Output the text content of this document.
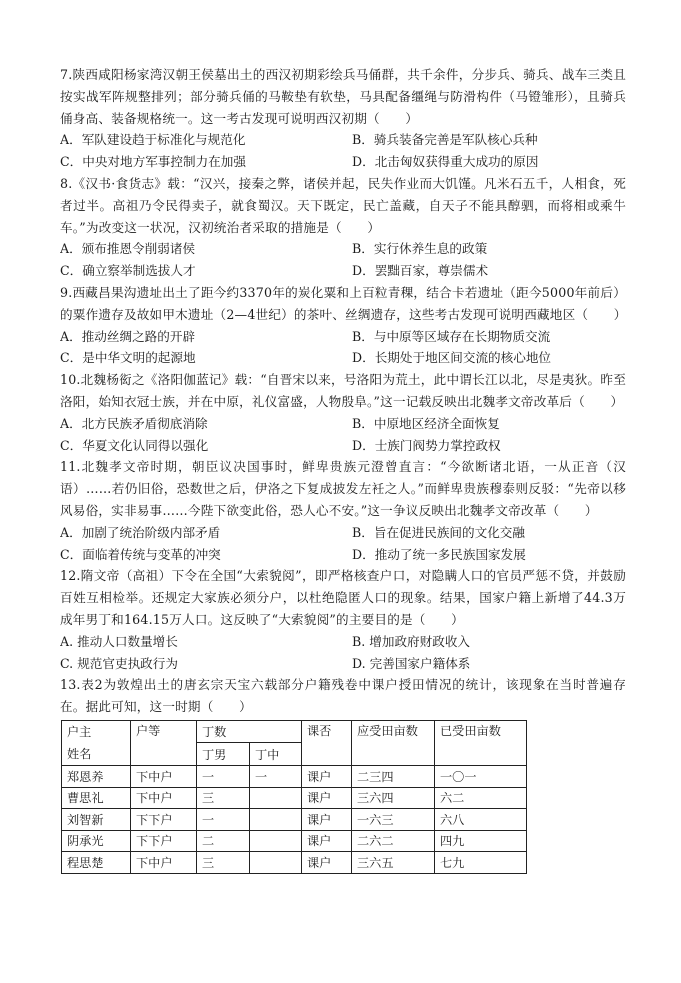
7.陕西咸阳杨家湾汉朝王侯墓出土的西汉初期彩绘兵马俑群，共千余件，分步兵、骑兵、战车三类且按实战军阵规整排列；部分骑兵俑的马鞍垫有软垫，马具配备缰绳与防滑构件（马镫雏形），且骑兵俑身高、装备规格统一。这一考古发现可说明西汉初期（　　）

A．军队建设趋于标准化与规范化	B．骑兵装备完善是军队核心兵种
C．中央对地方军事控制力在加强	D．北击匈奴获得重大成功的原因

8.《汉书·食货志》载：“汉兴，接秦之弊，诸侯并起，民失作业而大饥馑。凡米石五千，人相食，死者过半。高祖乃令民得卖子，就食蜀汉。天下既定，民亡盖藏，自天子不能具醇驷，而将相或乘牛车。”为改变这一状况，汉初统治者采取的措施是（　　）

A．颁布推恩令削弱诸侯	B．实行休养生息的政策
C．确立察举制选拔人才	D．罢黜百家，尊崇儒术

9.西藏昌果沟遗址出土了距今约3370年的炭化粟和上百粒青稞，结合卡若遗址（距今5000年前后）的粟作遗存及故如甲木遗址（2—4世纪）的茶叶、丝绸遗存，这些考古发现可说明西藏地区（　　）

A．推动丝绸之路的开辟	B．与中原等区域存在长期物质交流
C．是中华文明的起源地	D．长期处于地区间交流的核心地位

10.北魏杨衒之《洛阳伽蓝记》载：“自晋宋以来，号洛阳为荒土，此中谓长江以北，尽是夷狄。昨至洛阳，始知衣冠士族，并在中原，礼仪富盛，人物殷阜。”这一记载反映出北魏孝文帝改革后（　　）

A．北方民族矛盾彻底消除	B．中原地区经济全面恢复
C．华夏文化认同得以强化	D．士族门阀势力掌控政权

11.北魏孝文帝时期，朝臣议决国事时，鲜卑贵族元澄曾直言：“今欲断诸北语，一从正音（汉语）……若仍旧俗，恐数世之后，伊洛之下复成披发左衽之人。”而鲜卑贵族穆泰则反驳：“先帝以移风易俗，实非易事……今陛下欲变此俗，恐人心不安。”这一争议反映出北魏孝文帝改革（　　）

A．加剧了统治阶级内部矛盾	B．旨在促进民族间的文化交融
C．面临着传统与变革的冲突	D．推动了统一多民族国家发展

12.隋文帝（高祖）下令在全国“大索貌阅”，即严格核查户口，对隐瞒人口的官员严惩不贷，并鼓励百姓互相检举。还规定大家族必须分户，以杜绝隐匿人口的现象。结果，国家户籍上新增了44.3万成年男丁和164.15万人口。这反映了“大索貌阅”的主要目的是（　　）

A. 推动人口数量增长	B. 增加政府财政收入
C. 规范官吏执政行为	D. 完善国家户籍体系

13.表2为敦煌出土的唐玄宗天宝六载部分户籍残卷中课户授田情况的统计，该现象在当时普遍存在。据此可知，这一时期（　　）

户主
姓名	户等	丁数		课否	应受田亩数	已受田亩数
		丁男	丁中			
郑恩养	下中户	一	一	课户	二三四	一〇一
曹思礼	下中户	三		课户	三六四	六二
刘智新	下下户	一		课户	一六三	六八
阴承光	下下户	二		课户	二六二	四九
程思楚	下中户	三		课户	三六五	七九
